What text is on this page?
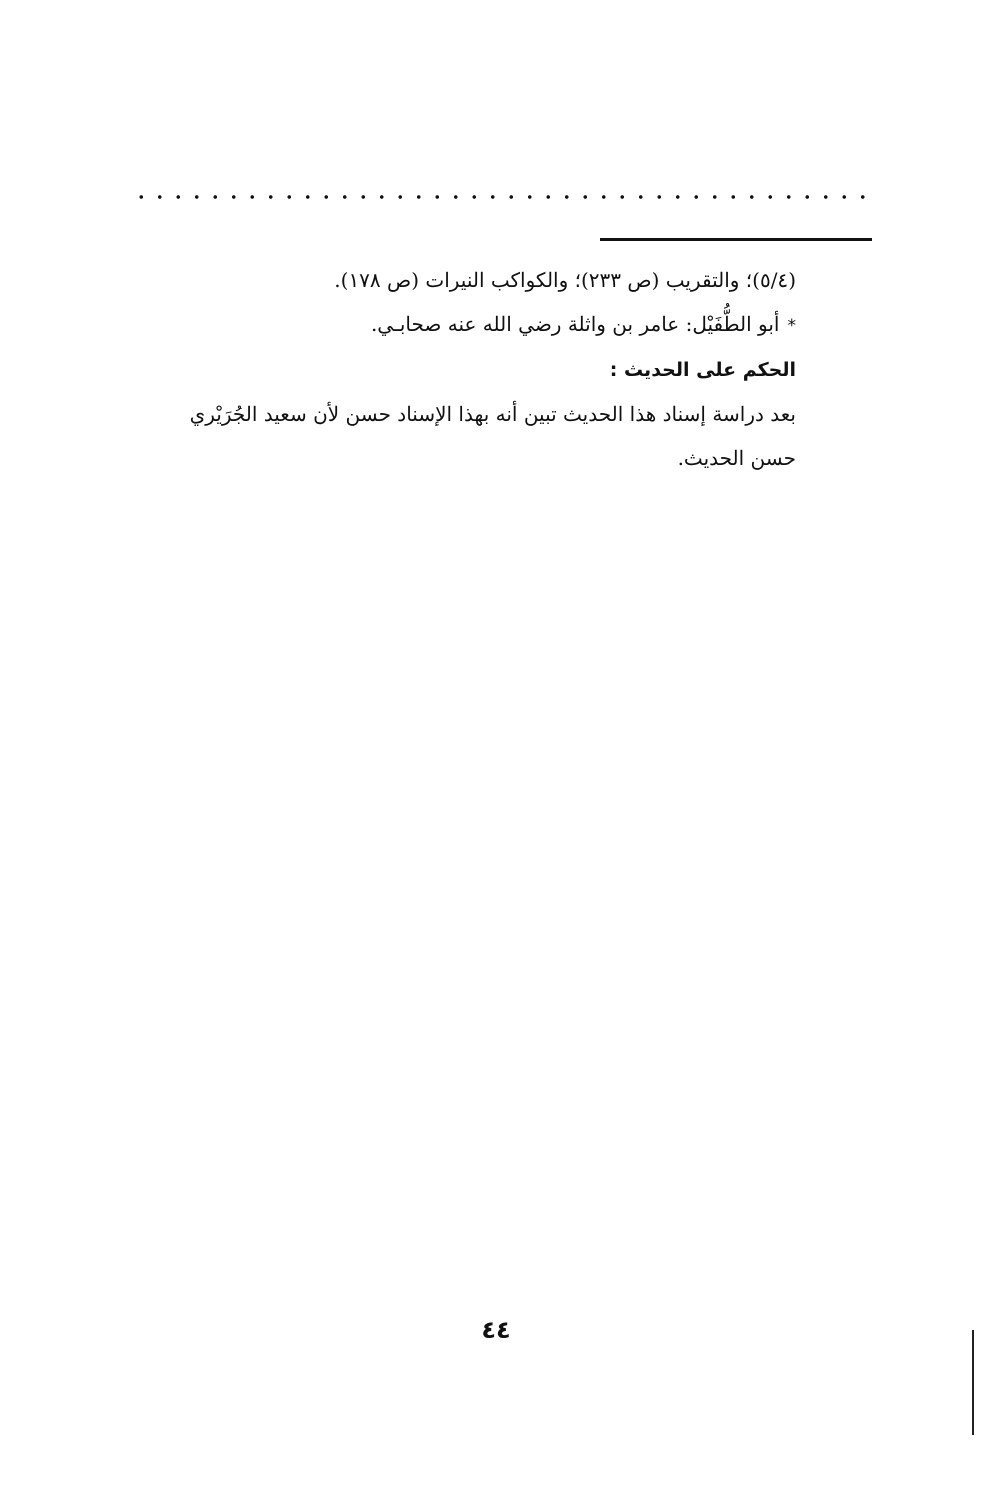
(٥/٤)؛ والتقريب (ص ٢٣٣)؛ والكواكب النيرات (ص ١٧٨).
*أبو الطُّفَيْل: عامر بن واثلة رضي الله عنه صحابـي.
الحكم على الحديث :
بعد دراسة إسناد هذا الحديث تبين أنه بهذا الإسناد حسن لأن سعيد الجُرَيْري
حسن الحديث.
٤٤
